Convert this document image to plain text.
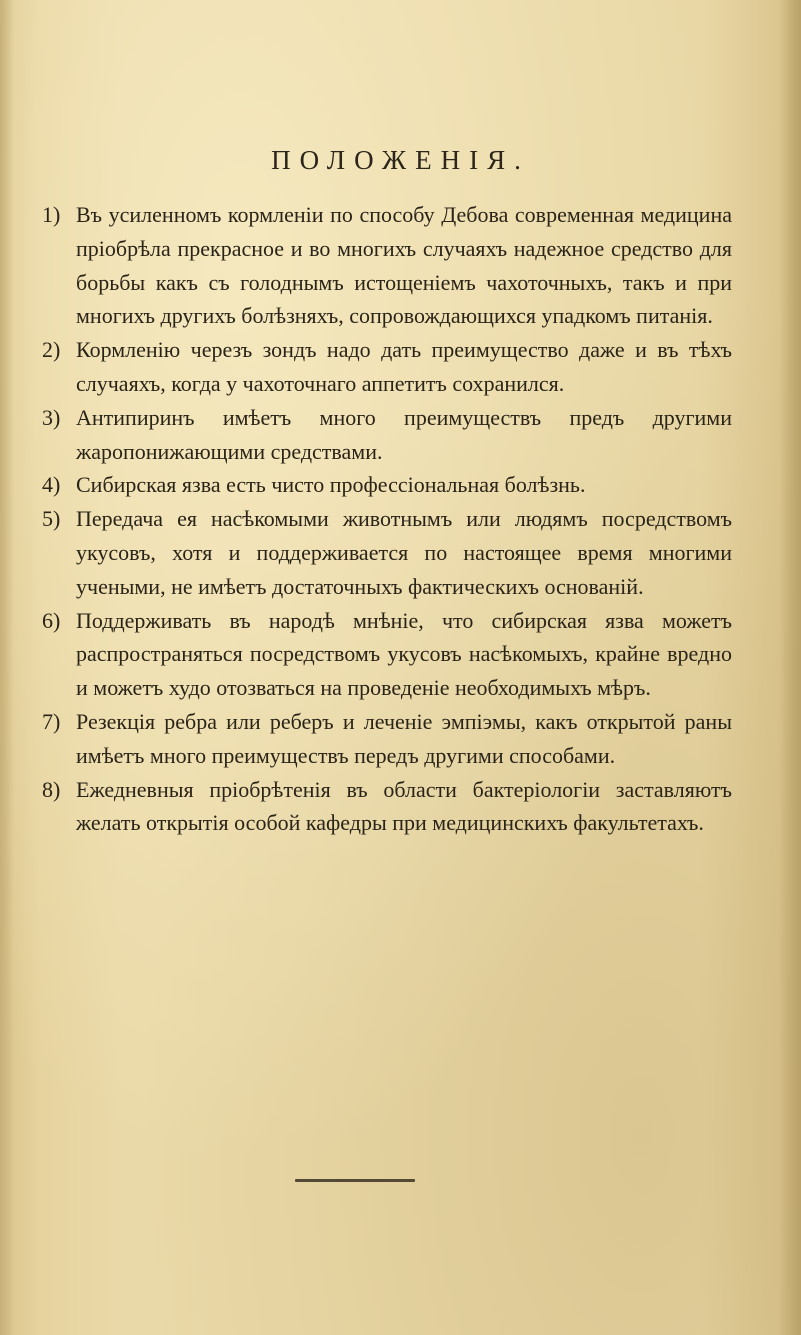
ПОЛОЖЕНІЯ.
1) Въ усиленномъ кормленіи по способу Дебова современная медицина пріобрѣла прекрасное и во многихъ случаяхъ надежное средство для борьбы какъ съ голоднымъ истощеніемъ чахоточныхъ, такъ и при многихъ другихъ болѣзняхъ, сопровождающихся упадкомъ питанія.
2) Кормленію черезъ зондъ надо дать преимущество даже и въ тѣхъ случаяхъ, когда у чахоточнаго аппетитъ сохранился.
3) Антипиринъ имѣетъ много преимуществъ предъ другими жаропонижающими средствами.
4) Сибирская язва есть чисто профессіональная болѣзнь.
5) Передача ея насѣкомыми животнымъ или людямъ посредствомъ укусовъ, хотя и поддерживается по настоящее время многими учеными, не имѣетъ достаточныхъ фактическихъ основаній.
6) Поддерживать въ народѣ мнѣніе, что сибирская язва можетъ распространяться посредствомъ укусовъ насѣкомыхъ, крайне вредно и можетъ худо отозваться на проведеніе необходимыхъ мѣръ.
7) Резекція ребра или реберъ и леченіе эмпіэмы, какъ открытой раны имѣетъ много преимуществъ передъ другими способами.
8) Ежедневныя пріобрѣтенія въ области бактеріологіи заставляютъ желать открытія особой кафедры при медицинскихъ факультетахъ.
